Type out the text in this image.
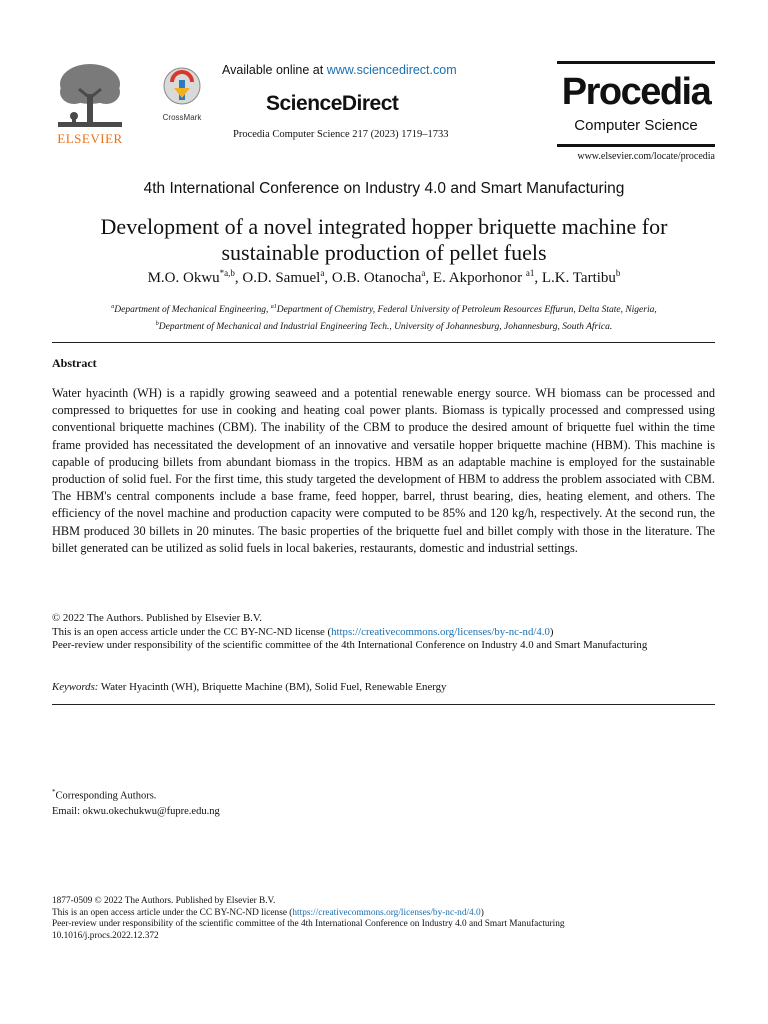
ELSEVIER
CrossMark
Available online at www.sciencedirect.com
ScienceDirect
Procedia Computer Science 217 (2023) 1719–1733
Procedia
Computer Science
www.elsevier.com/locate/procedia
4th International Conference on Industry 4.0 and Smart Manufacturing
Development of a novel integrated hopper briquette machine for
sustainable production of pellet fuels
M.O. Okwu$^{*a,b}$, O.D. Samuel$^a$, O.B. Otanocha$^a$, E. Akporhonor $^{a1}$, L.K. Tartibu$^b$
$^a$Department of Mechanical Engineering, $^{a1}$Department of Chemistry, Federal University of Petroleum Resources Effurun, Delta State, Nigeria,
$^b$Department of Mechanical and Industrial Engineering Tech., University of Johannesburg, Johannesburg, South Africa.
Abstract
Water hyacinth (WH) is a rapidly growing seaweed and a potential renewable energy source. WH biomass can be processed and compressed to briquettes for use in cooking and heating coal power plants. Biomass is typically processed and compressed using conventional briquette machines (CBM). The inability of the CBM to produce the desired amount of briquette fuel within the time frame provided has necessitated the development of an innovative and versatile hopper briquette machine (HBM). This machine is capable of producing billets from abundant biomass in the tropics. HBM as an adaptable machine is employed for the sustainable production of solid fuel. For the first time, this study targeted the development of HBM to address the problem associated with CBM. The HBM's central components include a base frame, feed hopper, barrel, thrust bearing, dies, heating element, and others. The efficiency of the novel machine and production capacity were computed to be 85% and 120 kg/h, respectively. At the second run, the HBM produced 30 billets in 20 minutes. The basic properties of the briquette fuel and billet comply with those in the literature. The billet generated can be utilized as solid fuels in local bakeries, restaurants, domestic and industrial settings.
© 2022 The Authors. Published by Elsevier B.V.
This is an open access article under the CC BY-NC-ND license (https://creativecommons.org/licenses/by-nc-nd/4.0)
Peer-review under responsibility of the scientific committee of the 4th International Conference on Industry 4.0 and Smart Manufacturing
Keywords: Water Hyacinth (WH), Briquette Machine (BM), Solid Fuel, Renewable Energy
*Corresponding Authors.
Email: okwu.okechukwu@fupre.edu.ng
1877-0509 © 2022 The Authors. Published by Elsevier B.V.
This is an open access article under the CC BY-NC-ND license (https://creativecommons.org/licenses/by-nc-nd/4.0)
Peer-review under responsibility of the scientific committee of the 4th International Conference on Industry 4.0 and Smart Manufacturing
10.1016/j.procs.2022.12.372
